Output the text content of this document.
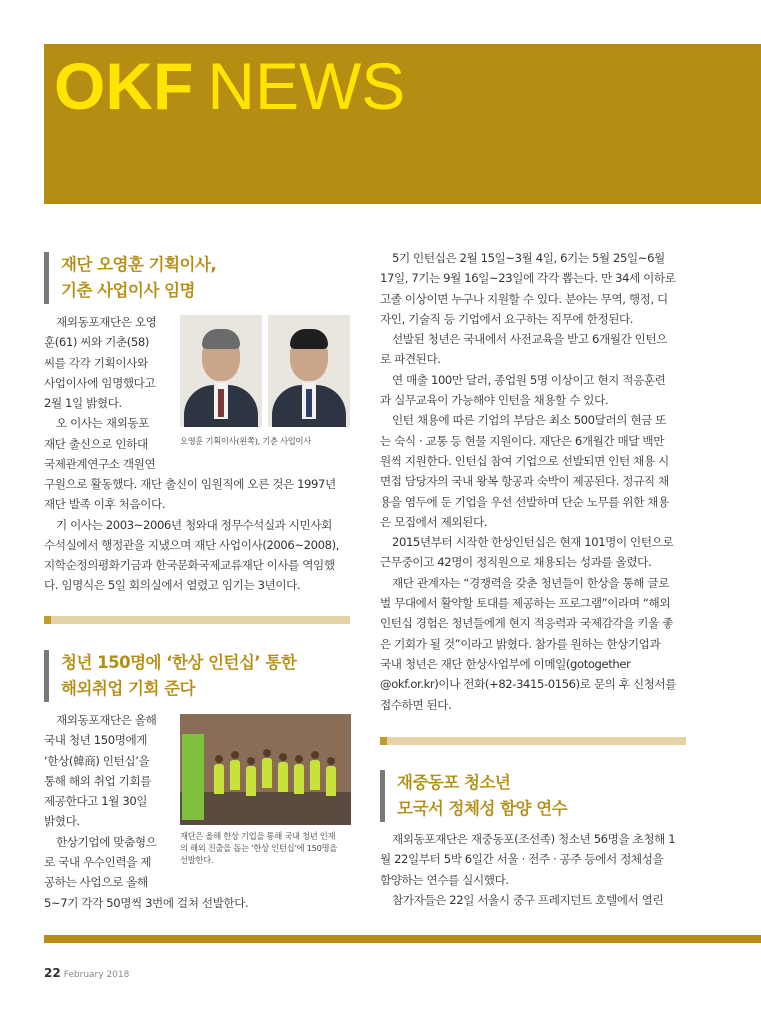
OKF NEWS
재단 오영훈 기획이사,
기춘 사업이사 임명

재외동포재단은 오영

훈(61) 씨와 기춘(58)

씨를 각각 기획이사와

사업이사에 임명했다고

2월 1일 밝혔다.

오 이사는 재외동포

재단 출신으로 인하대

국제관계연구소 객원연

오영훈 기획이사(왼쪽), 기춘 사업이사

구원으로 활동했다. 재단 출신이 임원직에 오른 것은 1997년

재단 발족 이후 처음이다.

기 이사는 2003~2006년 청와대 정무수석실과 시민사회

수석실에서 행정관을 지냈으며 재단 사업이사(2006~2008),

지학순정의평화기금과 한국문화국제교류재단 이사를 역임했

다. 임명식은 5일 회의실에서 열렸고 임기는 3년이다.

청년 150명에 ‘한상 인턴십’ 통한
해외취업 기회 준다

재외동포재단은 올해

국내 청년 150명에게

‘한상(韓商) 인턴십’을

통해 해외 취업 기회를

제공한다고 1월 30일

밝혔다.

한상기업에 맞춤형으

로 국내 우수인력을 제

공하는 사업으로 올해

재단은 올해 한상 기업을 통해 국내 청년 인재
의 해외 진출을 돕는 ‘한상 인턴십’에 150명을
선발한다.

5~7기 각각 50명씩 3번에 걸쳐 선발한다.

5기 인턴십은 2월 15일~3월 4일, 6기는 5월 25일~6월

17일, 7기는 9월 16일~23일에 각각 뽑는다. 만 34세 이하로

고졸 이상이면 누구나 지원할 수 있다. 분야는 무역, 행정, 디

자인, 기술직 등 기업에서 요구하는 직무에 한정된다.

선발된 청년은 국내에서 사전교육을 받고 6개월간 인턴으

로 파견된다.

연 매출 100만 달러, 종업원 5명 이상이고 현지 적응훈련

과 실무교육이 가능해야 인턴을 채용할 수 있다.

인턴 채용에 따른 기업의 부담은 최소 500달러의 현금 또

는 숙식 · 교통 등 현물 지원이다. 재단은 6개월간 매달 백만

원씩 지원한다. 인턴십 참여 기업으로 선발되면 인턴 채용 시

면접 담당자의 국내 왕복 항공과 숙박이 제공된다. 정규직 채

용을 염두에 둔 기업을 우선 선발하며 단순 노무를 위한 채용

은 모집에서 제외된다.

2015년부터 시작한 한상인턴십은 현재 101명이 인턴으로

근무중이고 42명이 정직원으로 채용되는 성과를 올렸다.

재단 관계자는 “경쟁력을 갖춘 청년들이 한상을 통해 글로

벌 무대에서 활약할 토대를 제공하는 프로그램”이라며 “해외

인턴십 경험은 청년들에게 현지 적응력과 국제감각을 키울 좋

은 기회가 될 것”이라고 밝혔다. 참가를 원하는 한상기업과

국내 청년은 재단 한상사업부에 이메일(gotogether

@okf.or.kr)이나 전화(+82-3415-0156)로 문의 후 신청서를

접수하면 된다.

재중동포 청소년
모국서 정체성 함양 연수

재외동포재단은 재중동포(조선족) 청소년 56명을 초청해 1

월 22일부터 5박 6일간 서울 · 전주 · 공주 등에서 정체성을

함양하는 연수를 실시했다.

참가자들은 22일 서울시 중구 프레지던트 호텔에서 열린

22 February 2018
